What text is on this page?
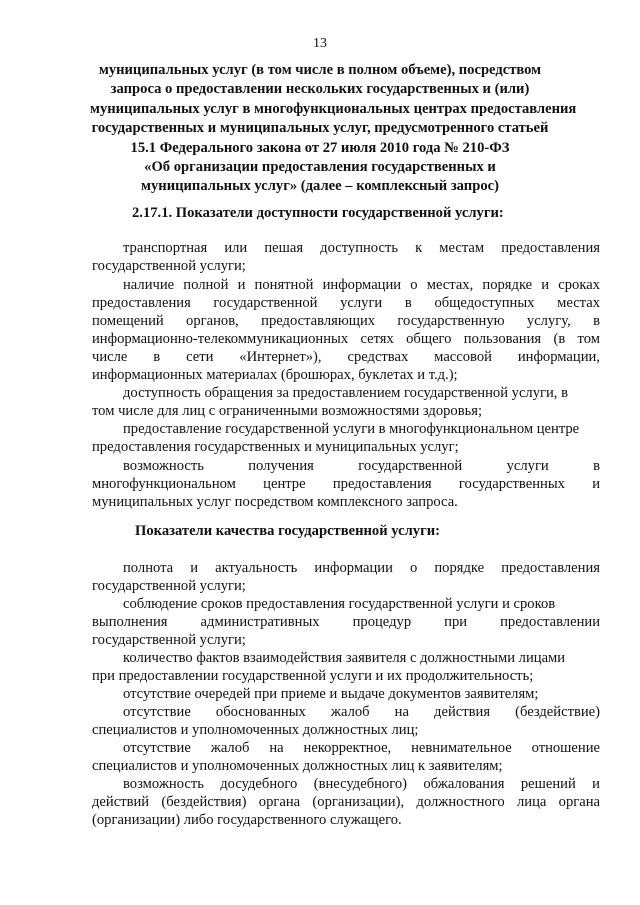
13
муниципальных услуг (в том числе в полном объеме), посредством
запроса о предоставлении нескольких государственных и (или)
муниципальных услуг в многофункциональных центрах предоставления
государственных и муниципальных услуг, предусмотренного статьей
15.1 Федерального закона от 27 июля 2010 года № 210-ФЗ
«Об организации предоставления государственных и
муниципальных услуг» (далее – комплексный запрос)
2.17.1. Показатели доступности государственной услуги:
транспортная или пешая доступность к местам предоставления
государственной услуги;
наличие полной и понятной информации о местах, порядке и сроках
предоставления государственной услуги в общедоступных местах
помещений органов, предоставляющих государственную услугу, в
информационно-телекоммуникационных сетях общего пользования (в том
числе в сети «Интернет»), средствах массовой информации,
информационных материалах (брошюрах, буклетах и т.д.);
доступность обращения за предоставлением государственной услуги, в
том числе для лиц с ограниченными возможностями здоровья;
предоставление государственной услуги в многофункциональном центре
предоставления государственных и муниципальных услуг;
возможность получения государственной услуги в
многофункциональном центре предоставления государственных и
муниципальных услуг посредством комплексного запроса.
Показатели качества государственной услуги:
полнота и актуальность информации о порядке предоставления
государственной услуги;
соблюдение сроков предоставления государственной услуги и сроков
выполнения административных процедур при предоставлении
государственной услуги;
количество фактов взаимодействия заявителя с должностными лицами
при предоставлении государственной услуги и их продолжительность;
отсутствие очередей при приеме и выдаче документов заявителям;
отсутствие обоснованных жалоб на действия (бездействие)
специалистов и уполномоченных должностных лиц;
отсутствие жалоб на некорректное, невнимательное отношение
специалистов и уполномоченных должностных лиц к заявителям;
возможность досудебного (внесудебного) обжалования решений и
действий (бездействия) органа (организации), должностного лица органа
(организации) либо государственного служащего.
